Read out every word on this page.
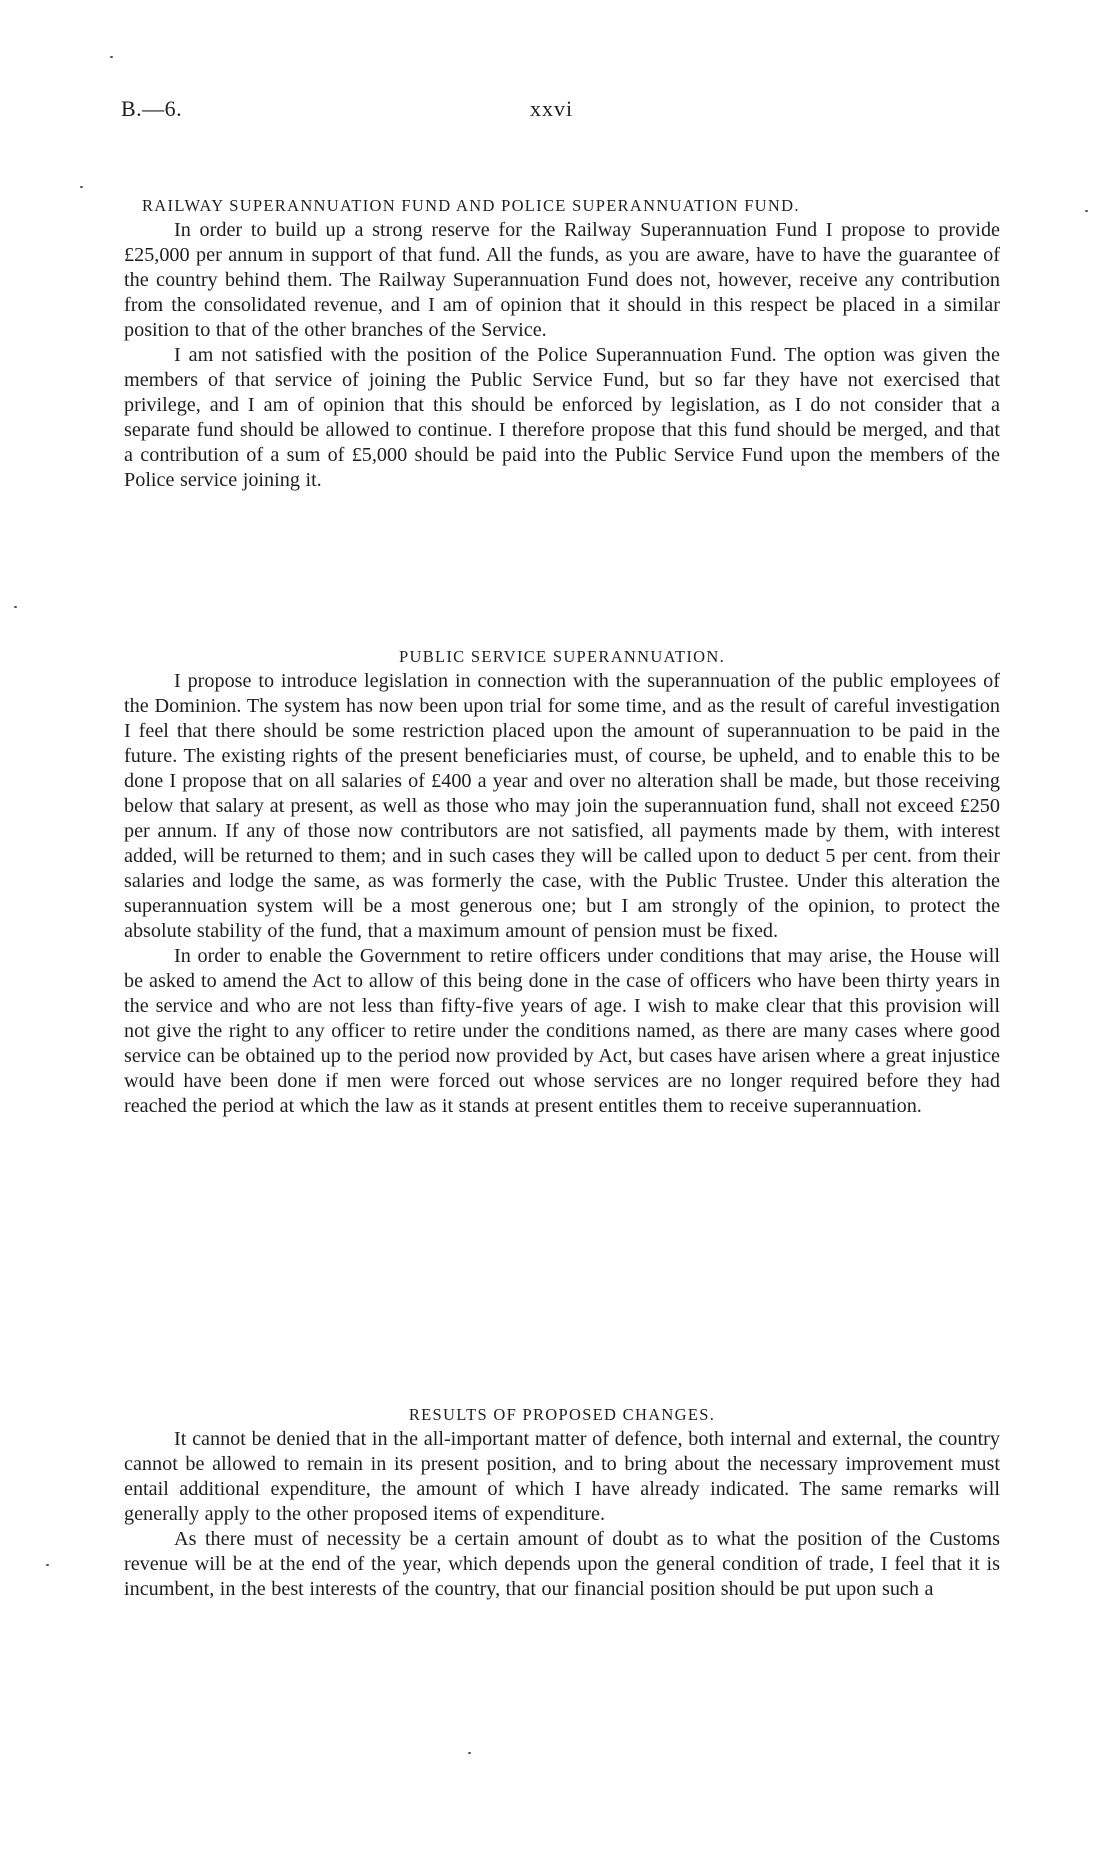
B.—6.	xxvi
RAILWAY SUPERANNUATION FUND AND POLICE SUPERANNUATION FUND.

In order to build up a strong reserve for the Railway Superannuation Fund I propose to provide £25,000 per annum in support of that fund. All the funds, as you are aware, have to have the guarantee of the country behind them. The Railway Superannuation Fund does not, however, receive any contribution from the consolidated revenue, and I am of opinion that it should in this respect be placed in a similar position to that of the other branches of the Service.

I am not satisfied with the position of the Police Superannuation Fund. The option was given the members of that service of joining the Public Service Fund, but so far they have not exercised that privilege, and I am of opinion that this should be enforced by legislation, as I do not consider that a separate fund should be allowed to continue. I therefore propose that this fund should be merged, and that a contribution of a sum of £5,000 should be paid into the Public Service Fund upon the members of the Police service joining it.

PUBLIC SERVICE SUPERANNUATION.

I propose to introduce legislation in connection with the superannuation of the public employees of the Dominion. The system has now been upon trial for some time, and as the result of careful investigation I feel that there should be some restriction placed upon the amount of superannuation to be paid in the future. The existing rights of the present beneficiaries must, of course, be upheld, and to enable this to be done I propose that on all salaries of £400 a year and over no alteration shall be made, but those receiving below that salary at present, as well as those who may join the superannuation fund, shall not exceed £250 per annum. If any of those now contributors are not satisfied, all payments made by them, with interest added, will be returned to them; and in such cases they will be called upon to deduct 5 per cent. from their salaries and lodge the same, as was formerly the case, with the Public Trustee. Under this alteration the superannuation system will be a most generous one; but I am strongly of the opinion, to protect the absolute stability of the fund, that a maximum amount of pension must be fixed.

In order to enable the Government to retire officers under conditions that may arise, the House will be asked to amend the Act to allow of this being done in the case of officers who have been thirty years in the service and who are not less than fifty-five years of age. I wish to make clear that this provision will not give the right to any officer to retire under the conditions named, as there are many cases where good service can be obtained up to the period now provided by Act, but cases have arisen where a great injustice would have been done if men were forced out whose services are no longer required before they had reached the period at which the law as it stands at present entitles them to receive superannuation.

RESULTS OF PROPOSED CHANGES.

It cannot be denied that in the all-important matter of defence, both internal and external, the country cannot be allowed to remain in its present position, and to bring about the necessary improvement must entail additional expenditure, the amount of which I have already indicated. The same remarks will generally apply to the other proposed items of expenditure.

As there must of necessity be a certain amount of doubt as to what the position of the Customs revenue will be at the end of the year, which depends upon the general condition of trade, I feel that it is incumbent, in the best interests of the country, that our financial position should be put upon such a
